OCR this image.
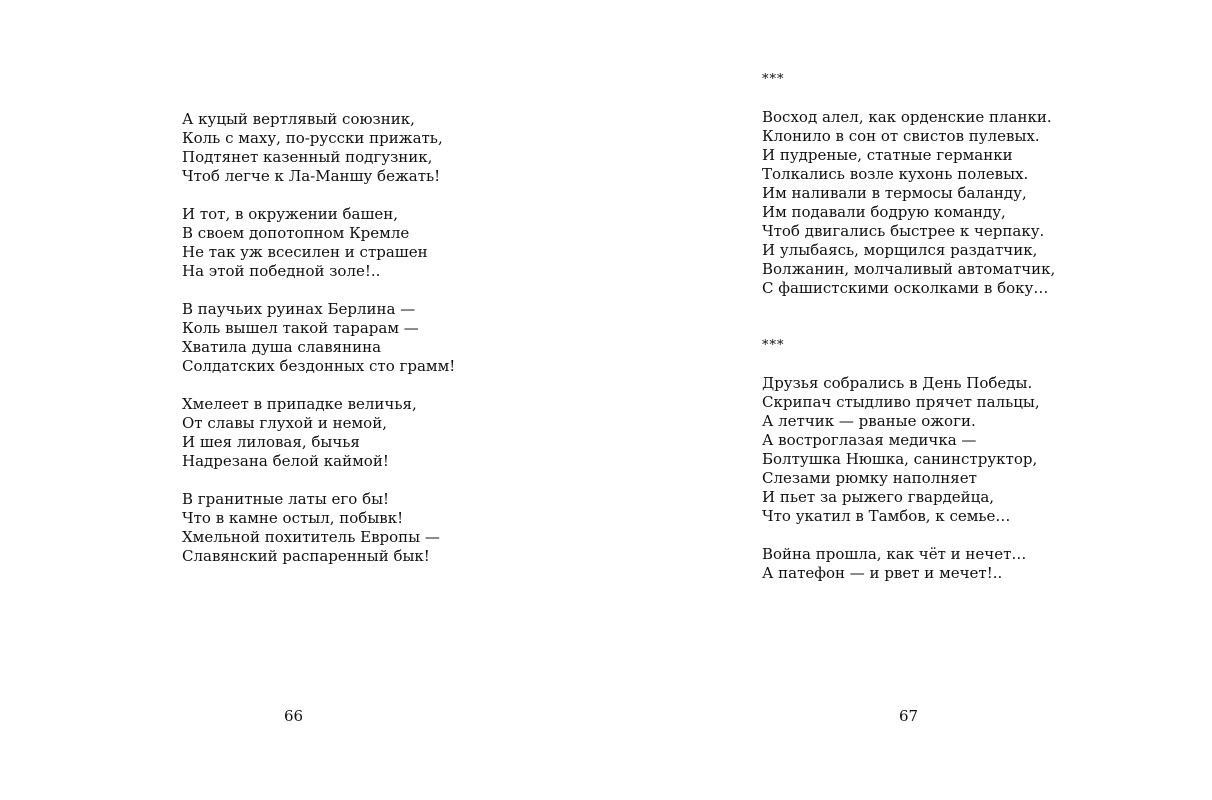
А куцый вертлявый союзник,
Коль с маху, по-русски прижать,
Подтянет казенный подгузник,
Чтоб легче к Ла-Маншу бежать!
И тот, в окружении башен,
В своем допотопном Кремле
Не так уж всесилен и страшен
На этой победной золе!..
В паучьих руинах Берлина —
Коль вышел такой тарарам —
Хватила душа славянина
Солдатских бездонных сто грамм!
Хмелеет в припадке величья,
От славы глухой и немой,
И шея лиловая, бычья
Надрезана белой каймой!
В гранитные латы его бы!
Что в камне остыл, побывк!
Хмельной похититель Европы —
Славянский распаренный бык!
66
***
Восход алел, как орденские планки.
Клонило в сон от свистов пулевых.
И пудреные, статные германки
Толкались возле кухонь полевых.
Им наливали в термосы баланду,
Им подавали бодрую команду,
Чтоб двигались быстрее к черпаку.
И улыбаясь, морщился раздатчик,
Волжанин, молчаливый автоматчик,
С фашистскими осколками в боку…
***
Друзья собрались в День Победы.
Скрипач стыдливо прячет пальцы,
А летчик — рваные ожоги.
А востроглазая медичка —
Болтушка Нюшка, санинструктор,
Слезами рюмку наполняет
И пьет за рыжего гвардейца,
Что укатил в Тамбов, к семье…
Война прошла, как чёт и нечет…
А патефон — и рвет и мечет!..
67
